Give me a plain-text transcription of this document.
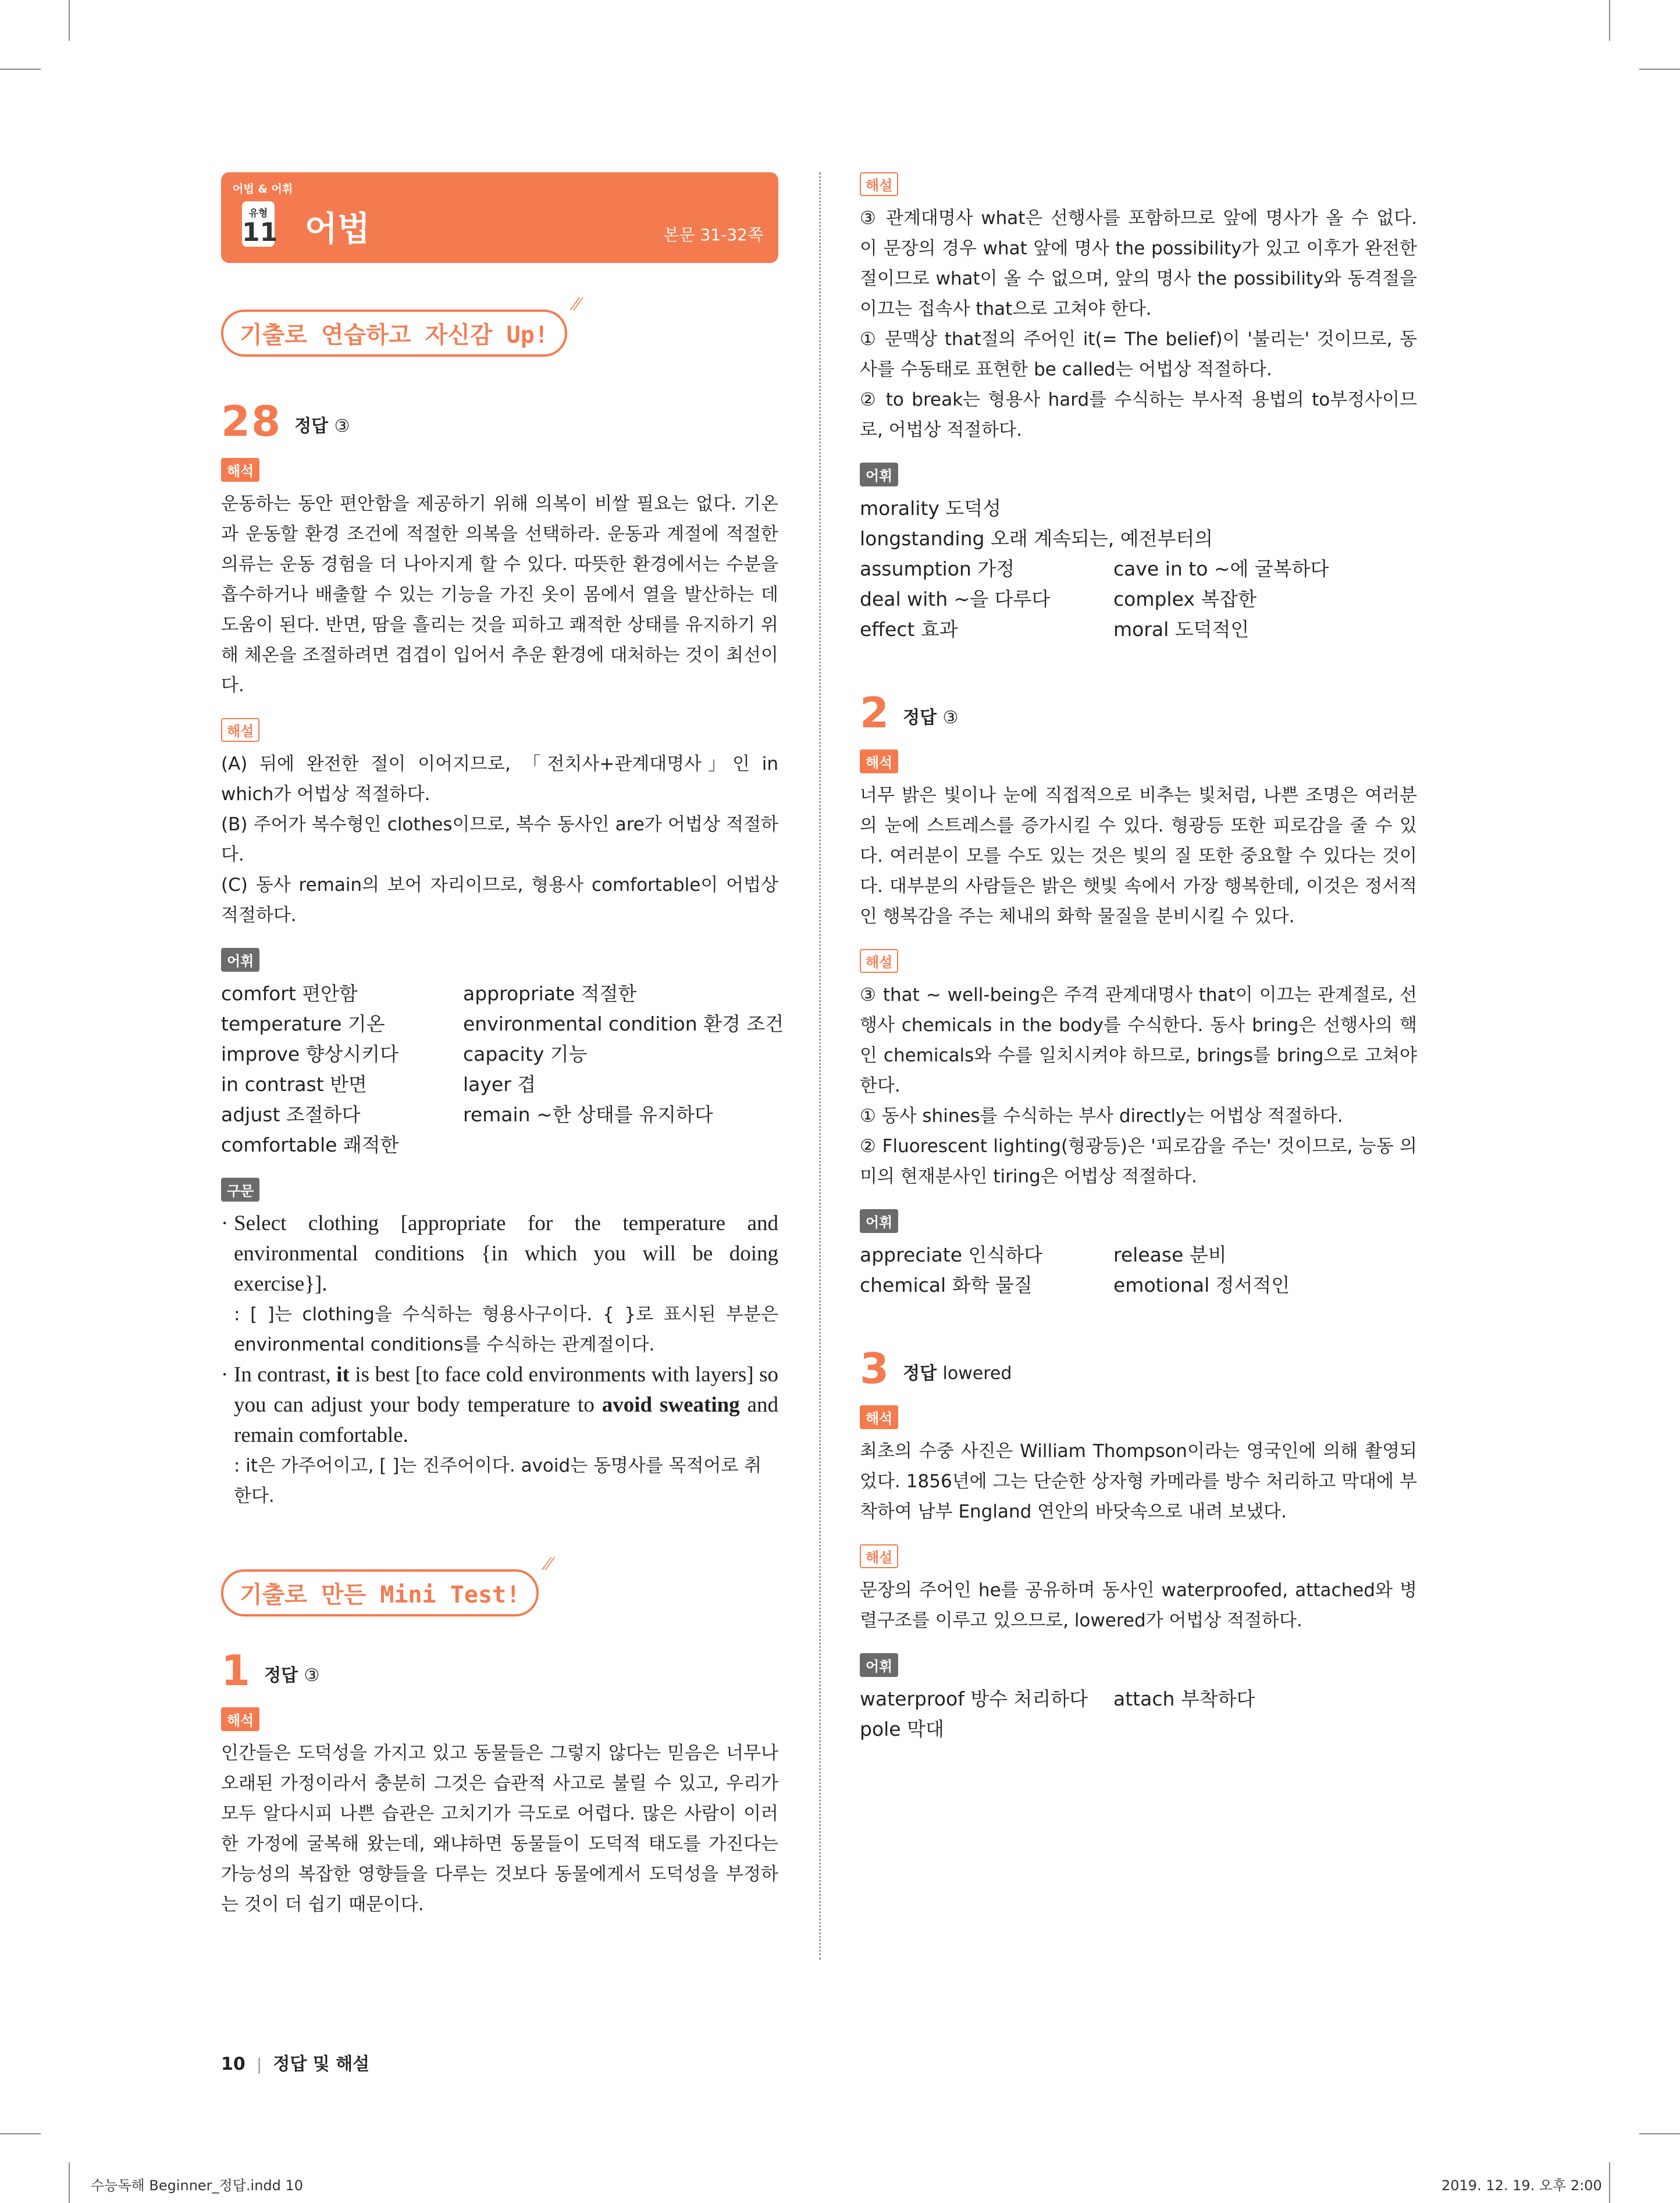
어법 & 어휘
유형
11 어법	본문 31-32쪽
기출로 연습하고 자신감 Up!
⁄⁄
28 정답 ③
해석
운동하는 동안 편안함을 제공하기 위해 의복이 비쌀 필요는 없다. 기온과 운동할 환경 조건에 적절한 의복을 선택하라. 운동과 계절에 적절한 의류는 운동 경험을 더 나아지게 할 수 있다. 따뜻한 환경에서는 수분을 흡수하거나 배출할 수 있는 기능을 가진 옷이 몸에서 열을 발산하는 데 도움이 된다. 반면, 땀을 흘리는 것을 피하고 쾌적한 상태를 유지하기 위해 체온을 조절하려면 겹겹이 입어서 추운 환경에 대처하는 것이 최선이다.
해설

(A) 뒤에 완전한 절이 이어지므로, 「전치사+관계대명사」인 in which가 어법상 적절하다.

(B) 주어가 복수형인 clothes이므로, 복수 동사인 are가 어법상 적절하다.

(C) 동사 remain의 보어 자리이므로, 형용사 comfortable이 어법상 적절하다.

어휘
comfort 편안함	appropriate 적절한
temperature 기온	environmental condition 환경 조건
improve 향상시키다	capacity 기능
in contrast 반면	layer 겹
adjust 조절하다	remain ~한 상태를 유지하다
comfortable 쾌적한
구문
· Select clothing [appropriate for the temperature and environmental conditions {in which you will be doing exercise}].
: [ ]는 clothing을 수식하는 형용사구이다. { }로 표시된 부분은 environmental conditions를 수식하는 관계절이다.
· In contrast, it is best [to face cold environments with layers] so you can adjust your body temperature to avoid sweating and remain comfortable.
: it은 가주어이고, [ ]는 진주어이다. avoid는 동명사를 목적어로 취한다.
기출로 만든 Mini Test!
⁄⁄
1 정답 ③
해석
인간들은 도덕성을 가지고 있고 동물들은 그렇지 않다는 믿음은 너무나 오래된 가정이라서 충분히 그것은 습관적 사고로 불릴 수 있고, 우리가 모두 알다시피 나쁜 습관은 고치기가 극도로 어렵다. 많은 사람이 이러한 가정에 굴복해 왔는데, 왜냐하면 동물들이 도덕적 태도를 가진다는 가능성의 복잡한 영향들을 다루는 것보다 동물에게서 도덕성을 부정하는 것이 더 쉽기 때문이다.
해설

③ 관계대명사 what은 선행사를 포함하므로 앞에 명사가 올 수 없다. 이 문장의 경우 what 앞에 명사 the possibility가 있고 이후가 완전한 절이므로 what이 올 수 없으며, 앞의 명사 the possibility와 동격절을 이끄는 접속사 that으로 고쳐야 한다.

① 문맥상 that절의 주어인 it(= The belief)이 '불리는' 것이므로, 동사를 수동태로 표현한 be called는 어법상 적절하다.

② to break는 형용사 hard를 수식하는 부사적 용법의 to부정사이므로, 어법상 적절하다.

어휘
morality 도덕성
longstanding 오래 계속되는, 예전부터의
assumption 가정	cave in to ~에 굴복하다
deal with ~을 다루다	complex 복잡한
effect 효과	moral 도덕적인
2 정답 ③
해석
너무 밝은 빛이나 눈에 직접적으로 비추는 빛처럼, 나쁜 조명은 여러분의 눈에 스트레스를 증가시킬 수 있다. 형광등 또한 피로감을 줄 수 있다. 여러분이 모를 수도 있는 것은 빛의 질 또한 중요할 수 있다는 것이다. 대부분의 사람들은 밝은 햇빛 속에서 가장 행복한데, 이것은 정서적인 행복감을 주는 체내의 화학 물질을 분비시킬 수 있다.
해설

③ that ~ well-being은 주격 관계대명사 that이 이끄는 관계절로, 선행사 chemicals in the body를 수식한다. 동사 bring은 선행사의 핵인 chemicals와 수를 일치시켜야 하므로, brings를 bring으로 고쳐야 한다.

① 동사 shines를 수식하는 부사 directly는 어법상 적절하다.

② Fluorescent lighting(형광등)은 '피로감을 주는' 것이므로, 능동 의미의 현재분사인 tiring은 어법상 적절하다.

어휘
appreciate 인식하다	release 분비
chemical 화학 물질	emotional 정서적인
3 정답 lowered
해석
최초의 수중 사진은 William Thompson이라는 영국인에 의해 촬영되었다. 1856년에 그는 단순한 상자형 카메라를 방수 처리하고 막대에 부착하여 남부 England 연안의 바닷속으로 내려 보냈다.
해설

문장의 주어인 he를 공유하며 동사인 waterproofed, attached와 병렬구조를 이루고 있으므로, lowered가 어법상 적절하다.

어휘
waterproof 방수 처리하다	attach 부착하다
pole 막대
10 | 정답 및 해설
수능독해 Beginner_정답.indd 10	2019. 12. 19. 오후 2:00
